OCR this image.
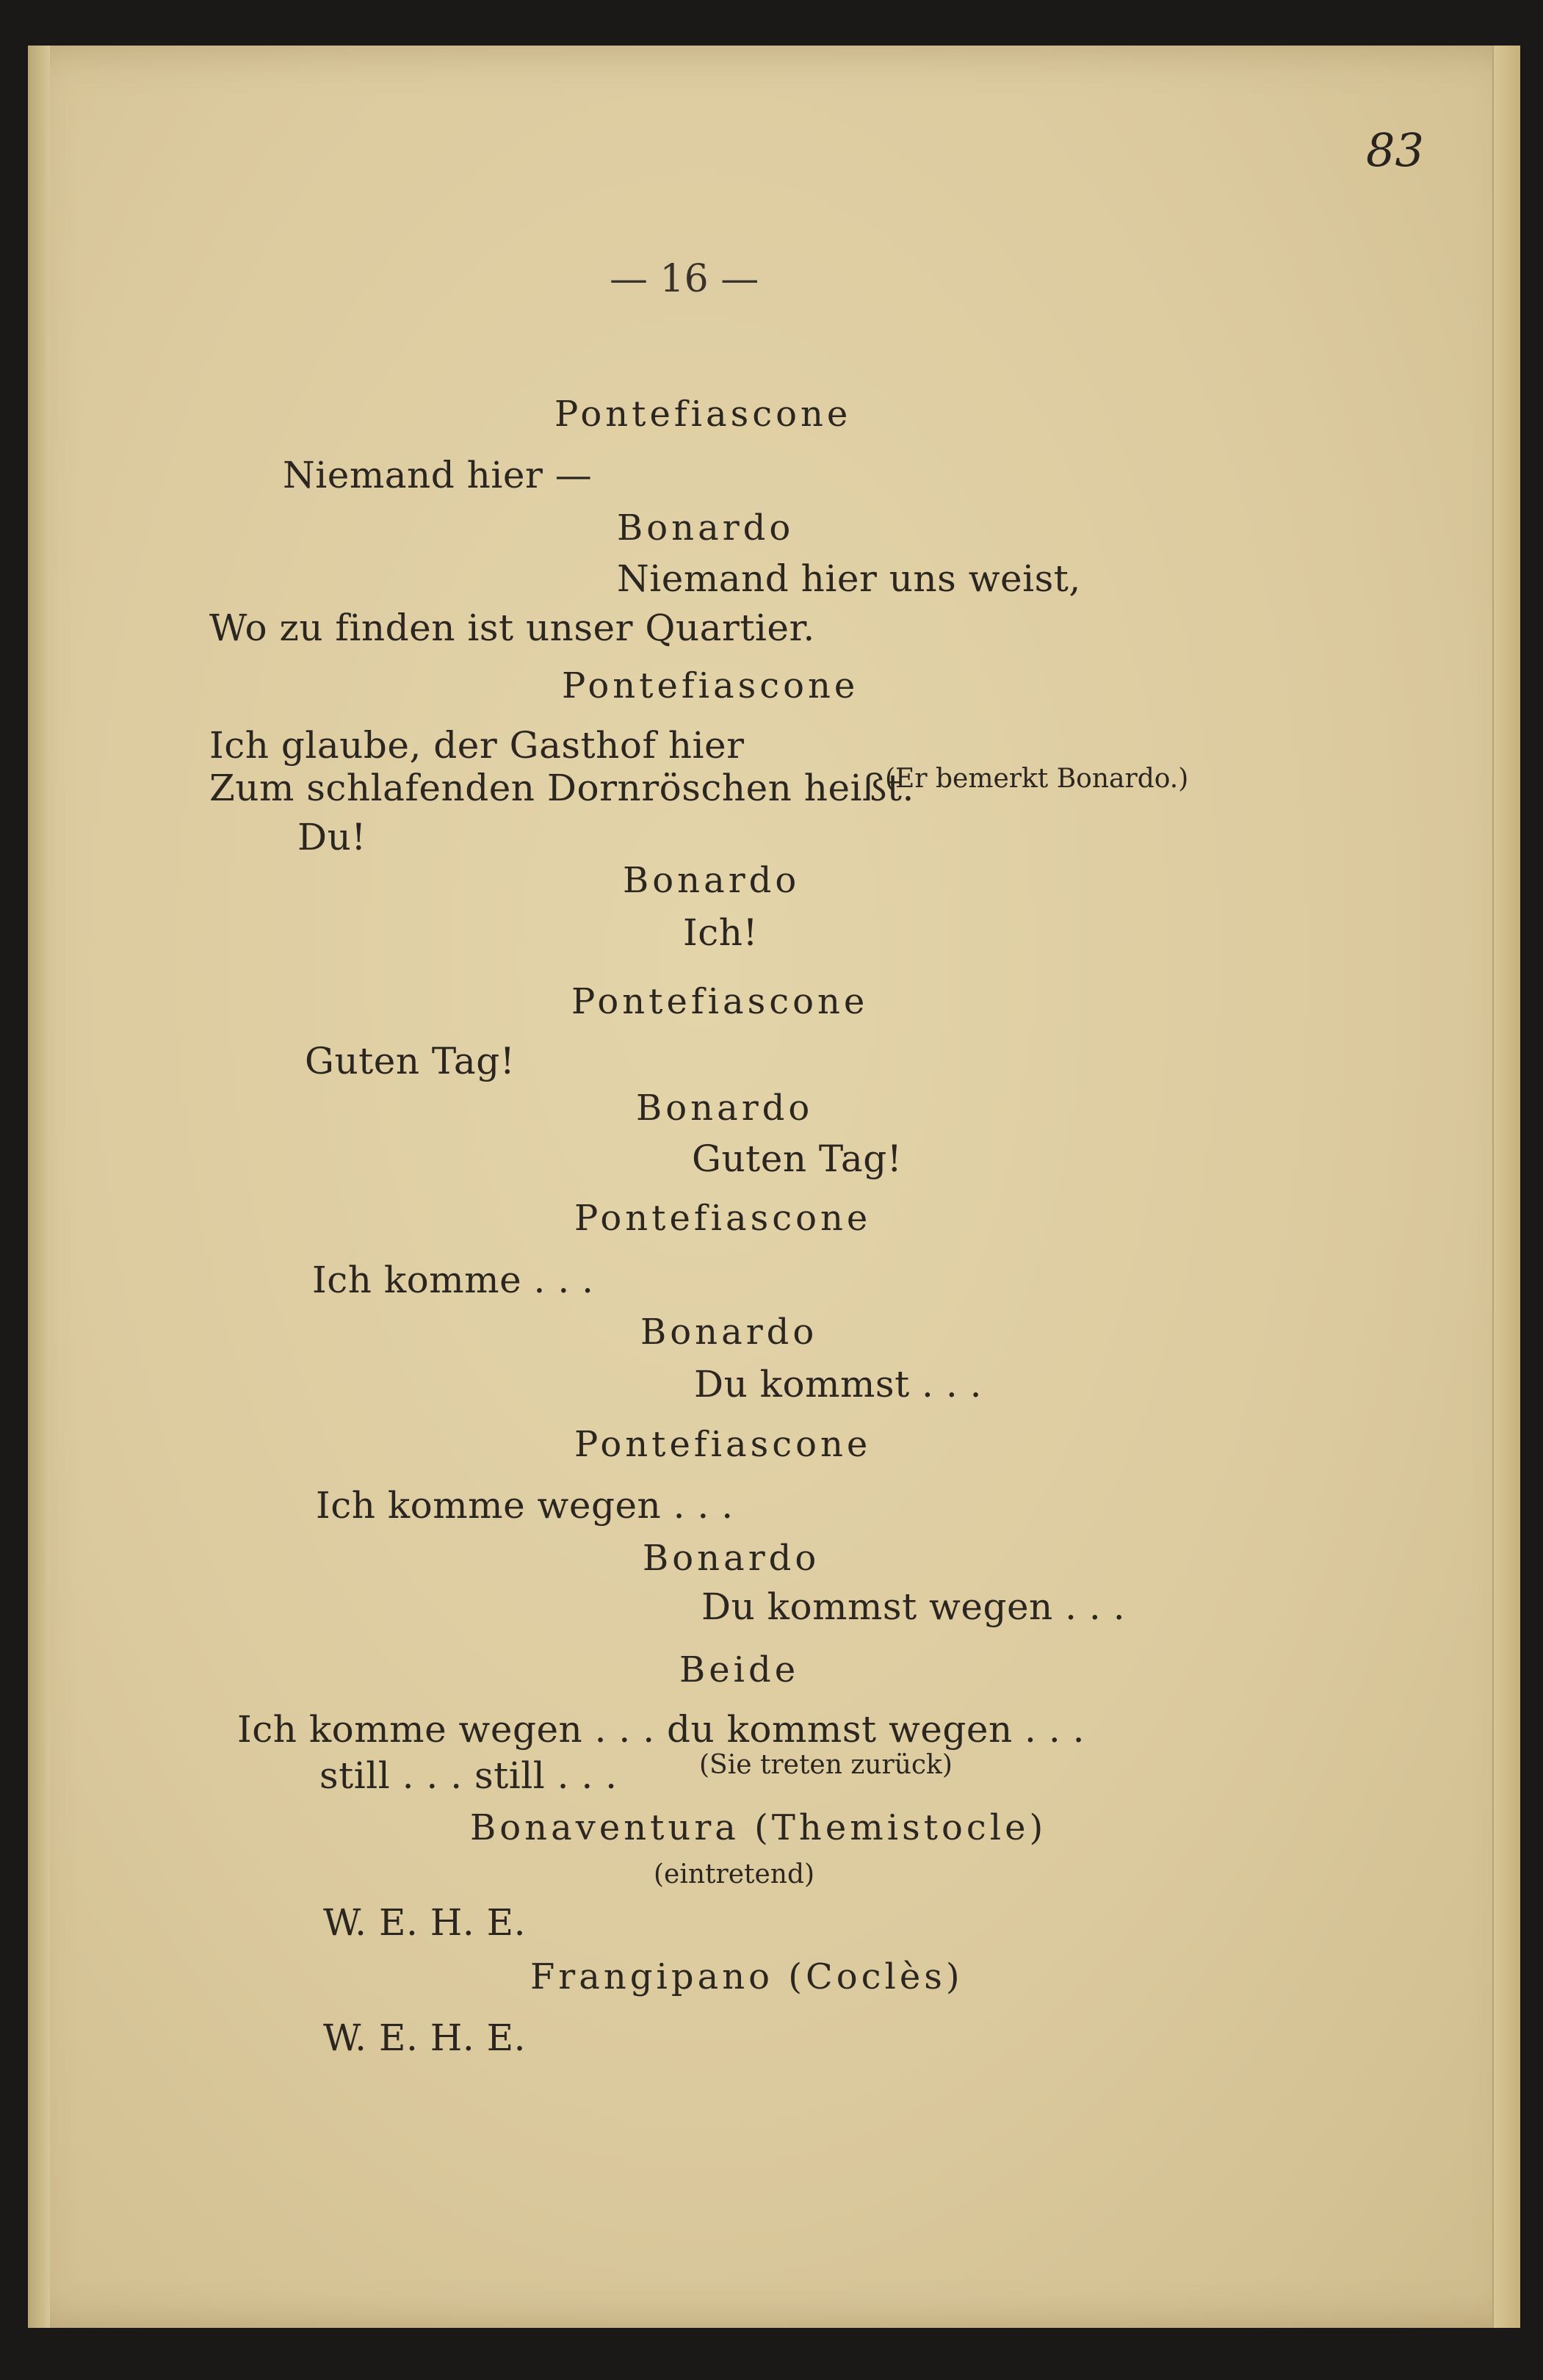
83
— 16 —
Pontefiascone
Niemand hier —
Bonardo
Niemand hier uns weist,
Wo zu finden ist unser Quartier.
Pontefiascone
Ich glaube, der Gasthof hier
Zum schlafenden Dornröschen heißt.
(Er bemerkt Bonardo.)
Du!
Bonardo
Ich!
Pontefiascone
Guten Tag!
Bonardo
Guten Tag!
Pontefiascone
Ich komme . . .
Bonardo
Du kommst . . .
Pontefiascone
Ich komme wegen . . .
Bonardo
Du kommst wegen . . .
Beide
Ich komme wegen . . . du kommst wegen . . .
still . . . still . . .	(Sie treten zurück)
Bonaventura (Themistocle)
(eintretend)
W. E. H. E.
Frangipano (Coclès)
W. E. H. E.
